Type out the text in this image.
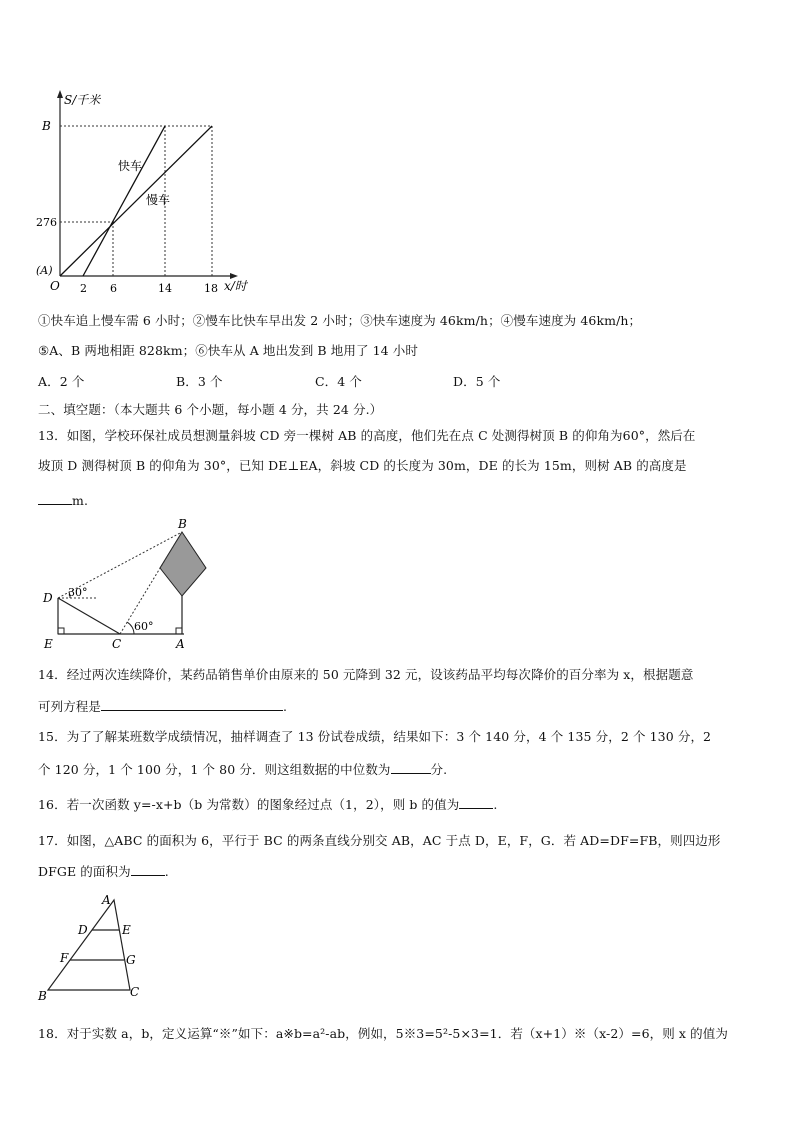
S/千米
B
276
(A)
O 2 6	14	18 x/时
快车
慢车
①快车追上慢车需 6 小时；②慢车比快车早出发 2 小时；③快车速度为 46km/h；④慢车速度为 46km/h；
⑤A、B 两地相距 828km；⑥快车从 A 地出发到 B 地用了 14 小时
A．2 个	B．3 个	C．4 个	D．5 个
二、填空题：（本大题共 6 个小题，每小题 4 分，共 24 分.）
13．如图，学校环保社成员想测量斜坡 CD 旁一棵树 AB 的高度，他们先在点 C 处测得树顶 B 的仰角为60°，然后在
坡顶 D 测得树顶 B 的仰角为 30°，已知 DE⊥EA，斜坡 CD 的长度为 30m，DE 的长为 15m，则树 AB 的高度是
m.
B
D
E	C	A
30°
60°
14．经过两次连续降价，某药品销售单价由原来的 50 元降到 32 元，设该药品平均每次降价的百分率为 x，根据题意
可列方程是	.
15．为了了解某班数学成绩情况，抽样调查了 13 份试卷成绩，结果如下：3 个 140 分，4 个 135 分，2 个 130 分，2
个 120 分，1 个 100 分，1 个 80 分．则这组数据的中位数为	分.
16．若一次函数 y=-x+b（b 为常数）的图象经过点（1，2），则 b 的值为	.
17．如图，△ABC 的面积为 6，平行于 BC 的两条直线分别交 AB，AC 于点 D，E，F，G．若 AD=DF=FB，则四边形
DFGE 的面积为	.
A
D	E
F	G
B	C
18．对于实数 a，b，定义运算“※”如下：a※b=a²-ab，例如，5※3=5²-5×3=1．若（x+1）※（x-2）=6，则 x 的值为
